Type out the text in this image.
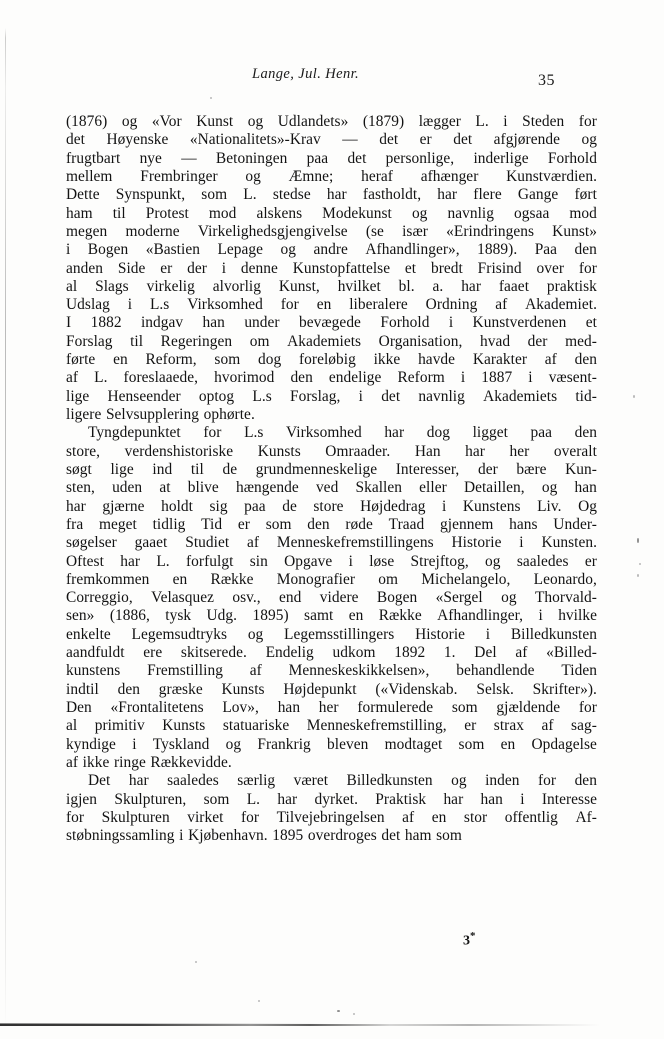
Lange, Jul. Henr.	35
(1876) og «Vor Kunst og Udlandets» (1879) lægger L. i Steden for
det Høyenske «Nationalitets»-Krav — det er det afgjørende og
frugtbart nye — Betoningen paa det personlige, inderlige Forhold
mellem Frembringer og Æmne; heraf afhænger Kunstværdien.
Dette Synspunkt, som L. stedse har fastholdt, har flere Gange ført
ham til Protest mod alskens Modekunst og navnlig ogsaa mod
megen moderne Virkelighedsgjengivelse (se især «Erindringens Kunst»
i Bogen «Bastien Lepage og andre Afhandlinger», 1889). Paa den
anden Side er der i denne Kunstopfattelse et bredt Frisind over for
al Slags virkelig alvorlig Kunst, hvilket bl. a. har faaet praktisk
Udslag i L.s Virksomhed for en liberalere Ordning af Akademiet.
I 1882 indgav han under bevægede Forhold i Kunstverdenen et
Forslag til Regeringen om Akademiets Organisation, hvad der med-
førte en Reform, som dog foreløbig ikke havde Karakter af den
af L. foreslaaede, hvorimod den endelige Reform i 1887 i væsent-
lige Henseender optog L.s Forslag, i det navnlig Akademiets tid-
ligere Selvsupplering ophørte.
Tyngdepunktet for L.s Virksomhed har dog ligget paa den
store, verdenshistoriske Kunsts Omraader. Han har her overalt
søgt lige ind til de grundmenneskelige Interesser, der bære Kun-
sten, uden at blive hængende ved Skallen eller Detaillen, og han
har gjærne holdt sig paa de store Højdedrag i Kunstens Liv. Og
fra meget tidlig Tid er som den røde Traad gjennem hans Under-
søgelser gaaet Studiet af Menneskefremstillingens Historie i Kunsten.
Oftest har L. forfulgt sin Opgave i løse Strejftog, og saaledes er
fremkommen en Række Monografier om Michelangelo, Leonardo,
Correggio, Velasquez osv., end videre Bogen «Sergel og Thorvald-
sen» (1886, tysk Udg. 1895) samt en Række Afhandlinger, i hvilke
enkelte Legemsudtryks og Legemsstillingers Historie i Billedkunsten
aandfuldt ere skitserede. Endelig udkom 1892 1. Del af «Billed-
kunstens Fremstilling af Menneskeskikkelsen», behandlende Tiden
indtil den græske Kunsts Højdepunkt («Videnskab. Selsk. Skrifter»).
Den «Frontalitetens Lov», han her formulerede som gjældende for
al primitiv Kunsts statuariske Menneskefremstilling, er strax af sag-
kyndige i Tyskland og Frankrig bleven modtaget som en Opdagelse
af ikke ringe Rækkevidde.
Det har saaledes særlig været Billedkunsten og inden for den
igjen Skulpturen, som L. har dyrket. Praktisk har han i Interesse
for Skulpturen virket for Tilvejebringelsen af en stor offentlig Af-
støbningssamling i Kjøbenhavn. 1895 overdroges det ham som
3*
